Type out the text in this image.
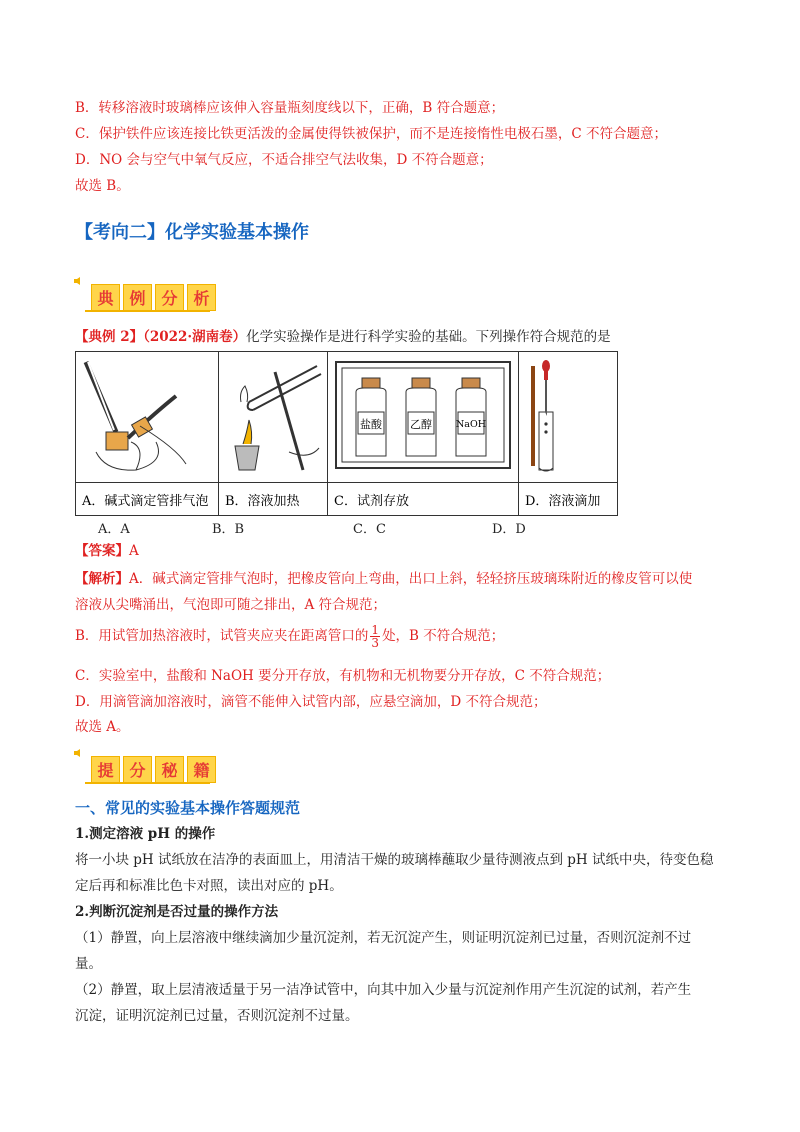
B．转移溶液时玻璃棒应该伸入容量瓶刻度线以下，正确，B 符合题意；
C．保护铁件应该连接比铁更活泼的金属使得铁被保护，而不是连接惰性电极石墨，C 不符合题意；
D．NO 会与空气中氧气反应，不适合排空气法收集，D 不符合题意；
故选 B。
【考向二】化学实验基本操作
典 例 分 析
【典例 2】（2022·湖南卷）化学实验操作是进行科学实验的基础。下列操作符合规范的是

盐酸 乙醇 NaOH

A．碱式滴定管排气泡	B．溶液加热	C．试剂存放	D．溶液滴加
A．A	B．B	C．C	D．D
【答案】A
【解析】A．碱式滴定管排气泡时，把橡皮管向上弯曲，出口上斜，轻轻挤压玻璃珠附近的橡皮管可以使
溶液从尖嘴涌出，气泡即可随之排出，A 符合规范；
B．用试管加热溶液时，试管夹应夹在距离管口的 $\frac{1}{3}$ 处，B 不符合规范；
C．实验室中，盐酸和 NaOH 要分开存放，有机物和无机物要分开存放，C 不符合规范；
D．用滴管滴加溶液时，滴管不能伸入试管内部，应悬空滴加，D 不符合规范；
故选 A。
提 分 秘 籍
一、常见的实验基本操作答题规范
1.测定溶液 pH 的操作
将一小块 pH 试纸放在洁净的表面皿上，用清洁干燥的玻璃棒蘸取少量待测液点到 pH 试纸中央，待变色稳
定后再和标准比色卡对照，读出对应的 pH。
2.判断沉淀剂是否过量的操作方法
（1）静置，向上层溶液中继续滴加少量沉淀剂，若无沉淀产生，则证明沉淀剂已过量，否则沉淀剂不过
量。
（2）静置，取上层清液适量于另一洁净试管中，向其中加入少量与沉淀剂作用产生沉淀的试剂，若产生
沉淀，证明沉淀剂已过量，否则沉淀剂不过量。
